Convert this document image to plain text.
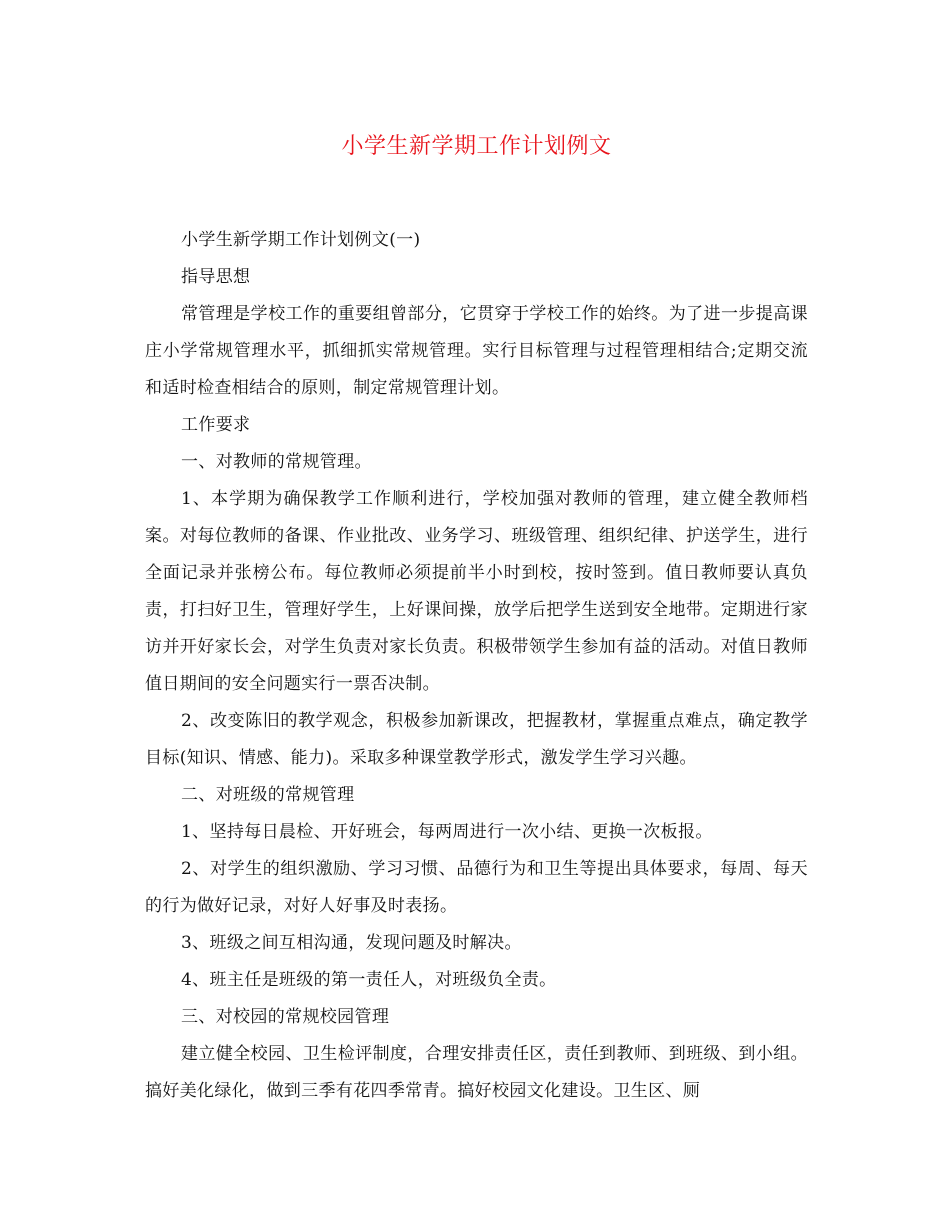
小学生新学期工作计划例文

小学生新学期工作计划例文(一)

指导思想

常管理是学校工作的重要组曾部分，它贯穿于学校工作的始终。为了进一步提高课庄小学常规管理水平，抓细抓实常规管理。实行目标管理与过程管理相结合;定期交流和适时检查相结合的原则，制定常规管理计划。

工作要求

一、对教师的常规管理。

1、本学期为确保教学工作顺利进行，学校加强对教师的管理，建立健全教师档案。对每位教师的备课、作业批改、业务学习、班级管理、组织纪律、护送学生，进行全面记录并张榜公布。每位教师必须提前半小时到校，按时签到。值日教师要认真负责，打扫好卫生，管理好学生，上好课间操，放学后把学生送到安全地带。定期进行家访并开好家长会，对学生负责对家长负责。积极带领学生参加有益的活动。对值日教师值日期间的安全问题实行一票否决制。

2、改变陈旧的教学观念，积极参加新课改，把握教材，掌握重点难点，确定教学目标(知识、情感、能力)。采取多种课堂教学形式，激发学生学习兴趣。

二、对班级的常规管理

1、坚持每日晨检、开好班会，每两周进行一次小结、更换一次板报。

2、对学生的组织激励、学习习惯、品德行为和卫生等提出具体要求，每周、每天的行为做好记录，对好人好事及时表扬。

3、班级之间互相沟通，发现问题及时解决。

4、班主任是班级的第一责任人，对班级负全责。

三、对校园的常规校园管理

建立健全校园、卫生检评制度，合理安排责任区，责任到教师、到班级、到小组。搞好美化绿化，做到三季有花四季常青。搞好校园文化建设。卫生区、厕
